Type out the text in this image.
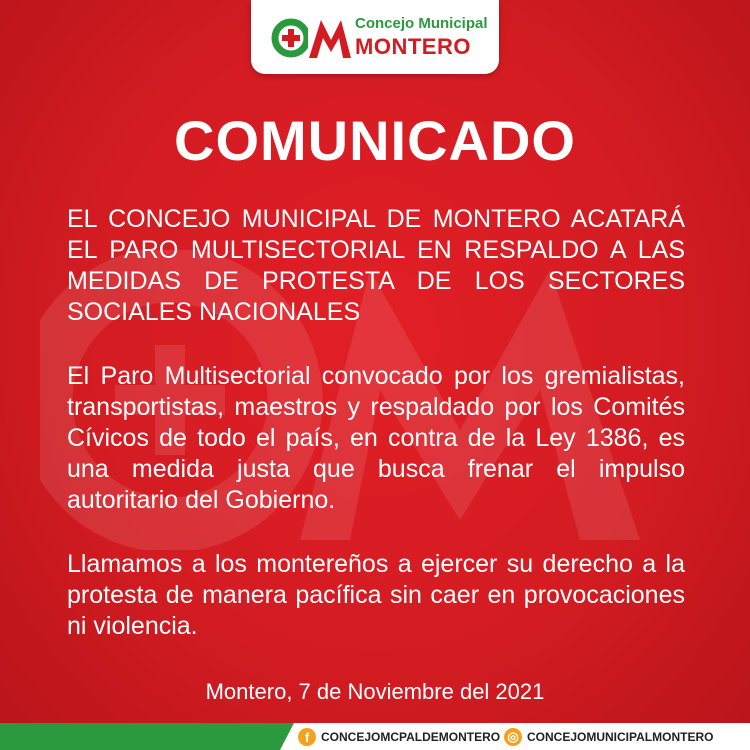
Concejo Municipal
MONTERO
COMUNICADO
EL CONCEJO MUNICIPAL DE MONTERO ACATARÁ EL PARO MULTISECTORIAL EN RESPALDO A LAS MEDIDAS DE PROTESTA DE LOS SECTORES SOCIALES NACIONALES
El Paro Multisectorial convocado por los gremialistas, transportistas, maestros y respaldado por los Comités Cívicos de todo el país, en contra de la Ley 1386, es una medida justa que busca frenar el impulso autoritario del Gobierno.
Llamamos a los montereños a ejercer su derecho a la protesta de manera pacífica sin caer en provocaciones ni violencia.
Montero, 7 de Noviembre del 2021
f CONCEJOMCPALDEMONTERO ◎ CONCEJOMUNICIPALMONTERO
